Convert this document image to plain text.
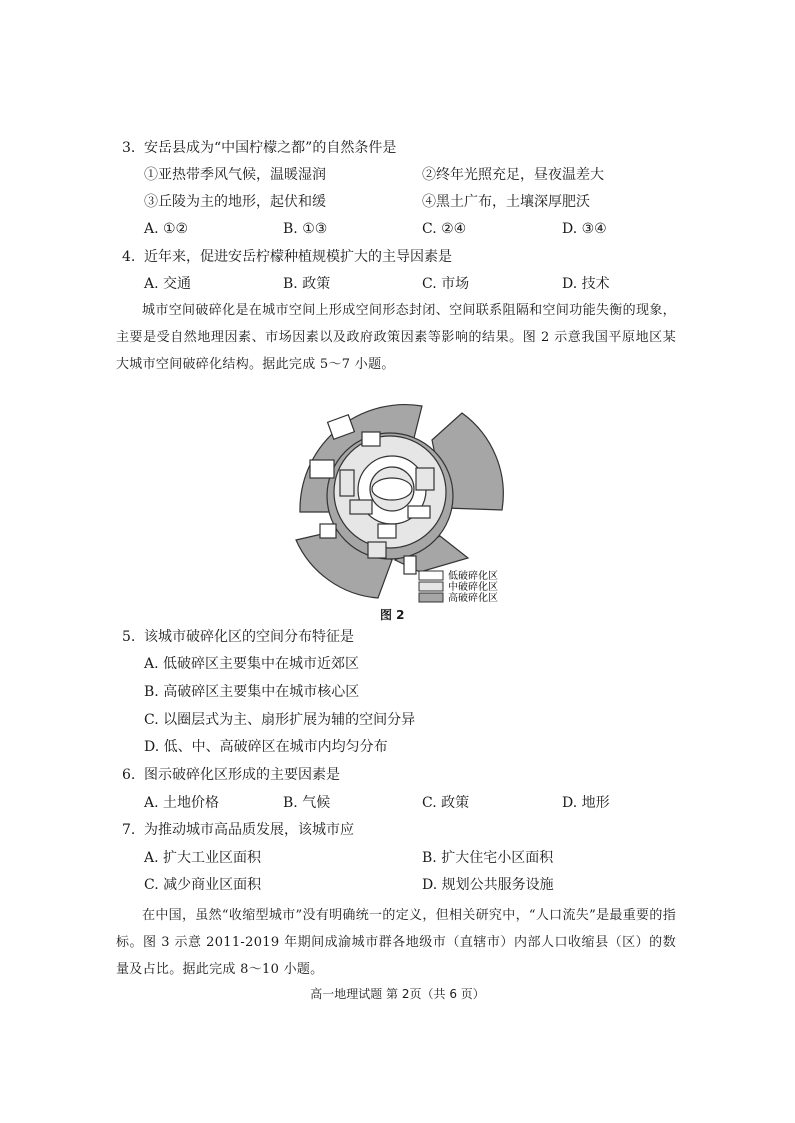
3. 安岳县成为“中国柠檬之都”的自然条件是
①亚热带季风气候，温暖湿润	②终年光照充足，昼夜温差大
③丘陵为主的地形，起伏和缓	④黑土广布，土壤深厚肥沃
A. ①②	B. ①③	C. ②④	D. ③④
4. 近年来，促进安岳柠檬种植规模扩大的主导因素是
A. 交通	B. 政策	C. 市场	D. 技术
城市空间破碎化是在城市空间上形成空间形态封闭、空间联系阻隔和空间功能失衡的现象，主要是受自然地理因素、市场因素以及政府政策因素等影响的结果。图 2 示意我国平原地区某大城市空间破碎化结构。据此完成 5～7 小题。
低破碎化区
中破碎化区
高破碎化区
图 2
5. 该城市破碎化区的空间分布特征是
A. 低破碎区主要集中在城市近郊区
B. 高破碎区主要集中在城市核心区
C. 以圈层式为主、扇形扩展为辅的空间分异
D. 低、中、高破碎区在城市内均匀分布
6. 图示破碎化区形成的主要因素是
A. 土地价格	B. 气候	C. 政策	D. 地形
7. 为推动城市高品质发展，该城市应
A. 扩大工业区面积	B. 扩大住宅小区面积
C. 减少商业区面积	D. 规划公共服务设施
在中国，虽然“收缩型城市”没有明确统一的定义，但相关研究中，“人口流失”是最重要的指标。图 3 示意 2011-2019 年期间成渝城市群各地级市（直辖市）内部人口收缩县（区）的数量及占比。据此完成 8～10 小题。
高一地理试题 第 2页（共 6 页）
